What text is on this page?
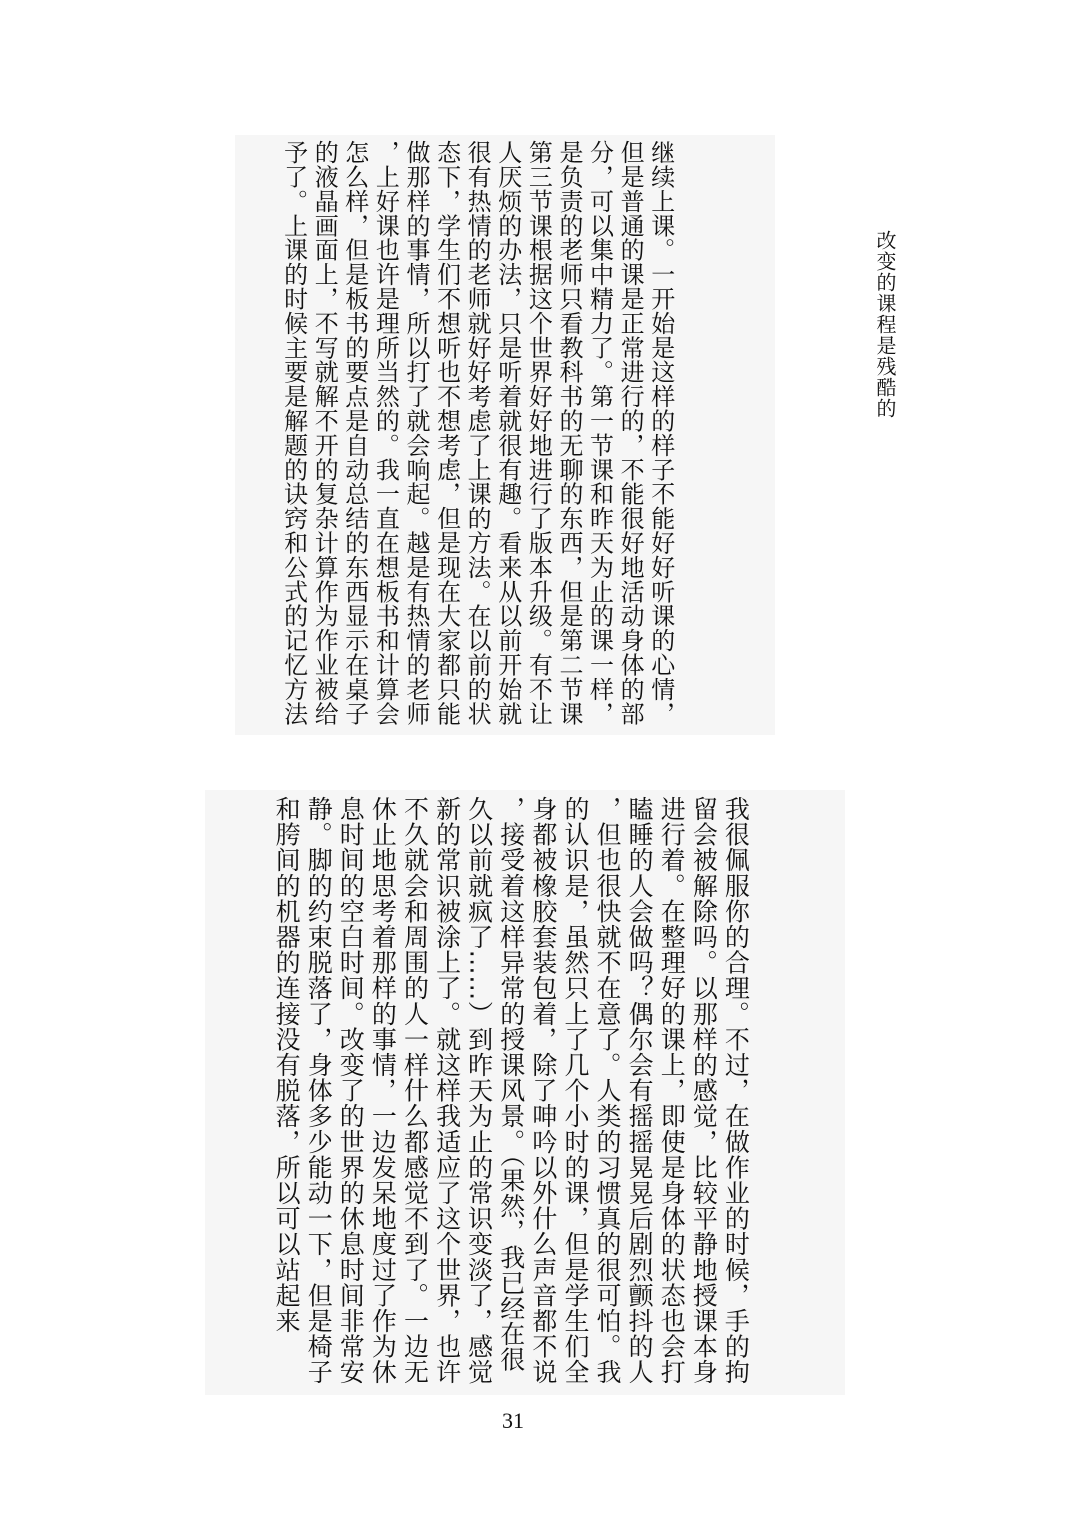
改变的课程是残酷的
继续上课。一开始是这样的样子不能好好听课的心情，
但是普通的课是正常进行的，不能很好地活动身体的部
分，可以集中精力了。第一节课和昨天为止的课一样，
是负责的老师只看教科书的无聊的东西，但是第二节课
第三节课根据这个世界好好地进行了版本升级。有不让
人厌烦的办法，只是听着就很有趣。看来从以前开始就
很有热情的老师就好好考虑了上课的方法。在以前的状
态下，学生们不想听也不想考虑，但是现在大家都只能
做那样的事情，所以打了就会响起。越是有热情的老师
，上好课也许是理所当然的。我一直在想板书和计算会
怎么样，但是板书的要点是自动总结的东西显示在桌子
的液晶画面上，不写就解不开的复杂计算作为作业被给
予了。上课的时候主要是解题的诀窍和公式的记忆方法
我很佩服你的合理。不过，在做作业的时候，手的拘
留会被解除吗。以那样的感觉，比较平静地授课本身
进行着。在整理好的课上，即使是身体的状态也会打
瞌睡的人会做吗？偶尔会有摇摇晃晃后剧烈颤抖的人
，但也很快就不在意了。人类的习惯真的很可怕。我
的认识是，虽然只上了几个小时的课，但是学生们全
身都被橡胶套装包着，除了呻吟以外什么声音都不说
，接受着这样异常的授课风景。（果然，我已经在很
久以前就疯了……）到昨天为止的常识变淡了，感觉
新的常识被涂上了。就这样我适应了这个世界，也许
不久就会和周围的人一样什么都感觉不到了。一边无
休止地思考着那样的事情，一边发呆地度过了作为休
息时间的空白时间。改变了的世界的休息时间非常安
静。脚的约束脱落了，身体多少能动一下，但是椅子
和胯间的机器的连接没有脱落，所以可以站起来
31
